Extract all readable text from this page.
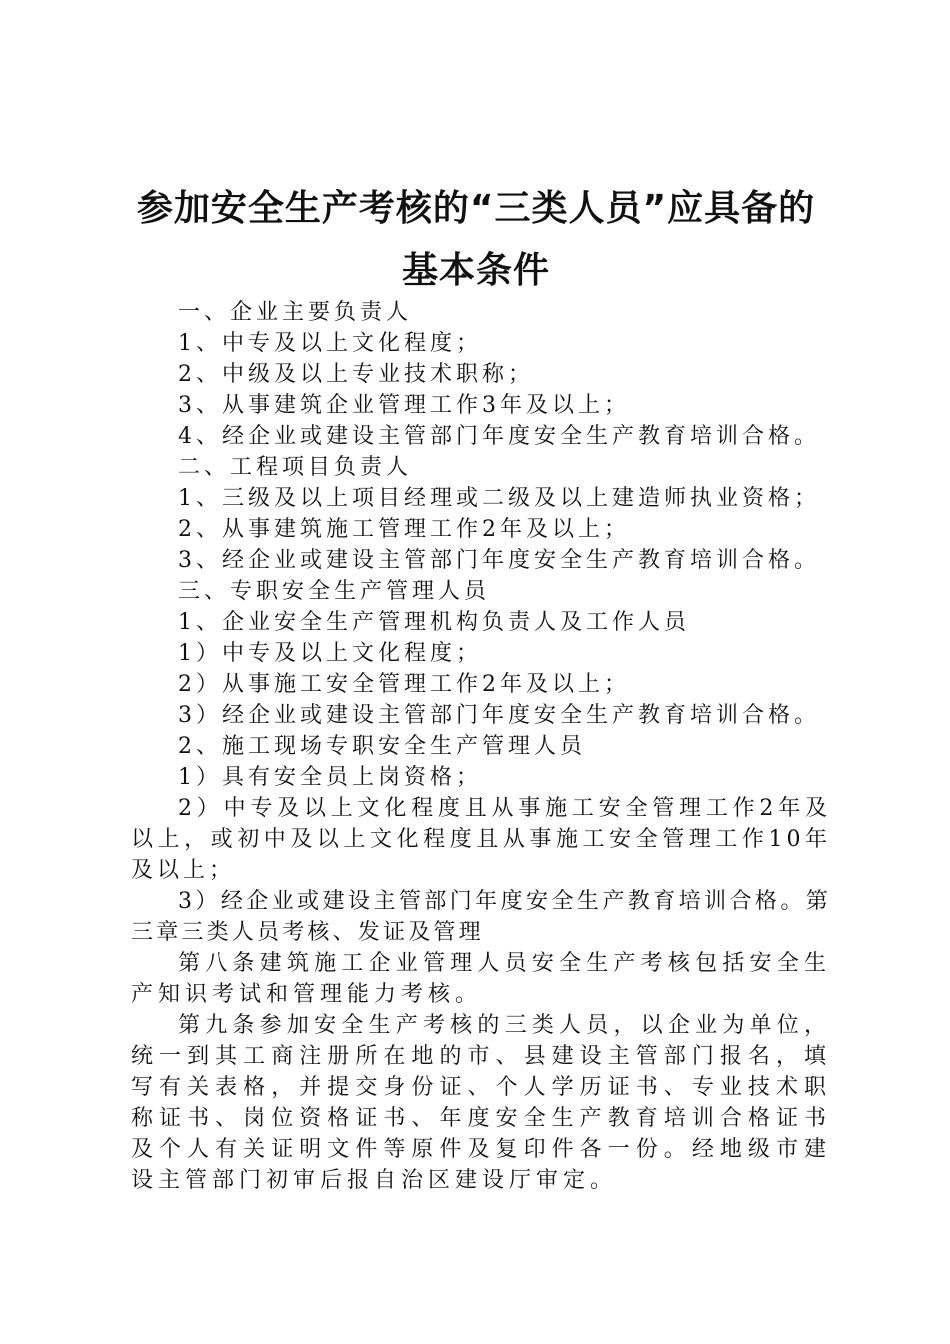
参加安全生产考核的“三类人员”应具备的基本条件
一、企业主要负责人
1、中专及以上文化程度；
2、中级及以上专业技术职称；
3、从事建筑企业管理工作3年及以上；
4、经企业或建设主管部门年度安全生产教育培训合格。
二、工程项目负责人
1、三级及以上项目经理或二级及以上建造师执业资格；
2、从事建筑施工管理工作2年及以上；
3、经企业或建设主管部门年度安全生产教育培训合格。
三、专职安全生产管理人员
1、企业安全生产管理机构负责人及工作人员
1）中专及以上文化程度；
2）从事施工安全管理工作2年及以上；
3）经企业或建设主管部门年度安全生产教育培训合格。
2、施工现场专职安全生产管理人员
1）具有安全员上岗资格；
2）中专及以上文化程度且从事施工安全管理工作2年及以上，或初中及以上文化程度且从事施工安全管理工作10年及以上；
3）经企业或建设主管部门年度安全生产教育培训合格。第三章三类人员考核、发证及管理
第八条建筑施工企业管理人员安全生产考核包括安全生产知识考试和管理能力考核。
第九条参加安全生产考核的三类人员，以企业为单位，统一到其工商注册所在地的市、县建设主管部门报名，填写有关表格，并提交身份证、个人学历证书、专业技术职称证书、岗位资格证书、年度安全生产教育培训合格证书及个人有关证明文件等原件及复印件各一份。经地级市建设主管部门初审后报自治区建设厅审定。
